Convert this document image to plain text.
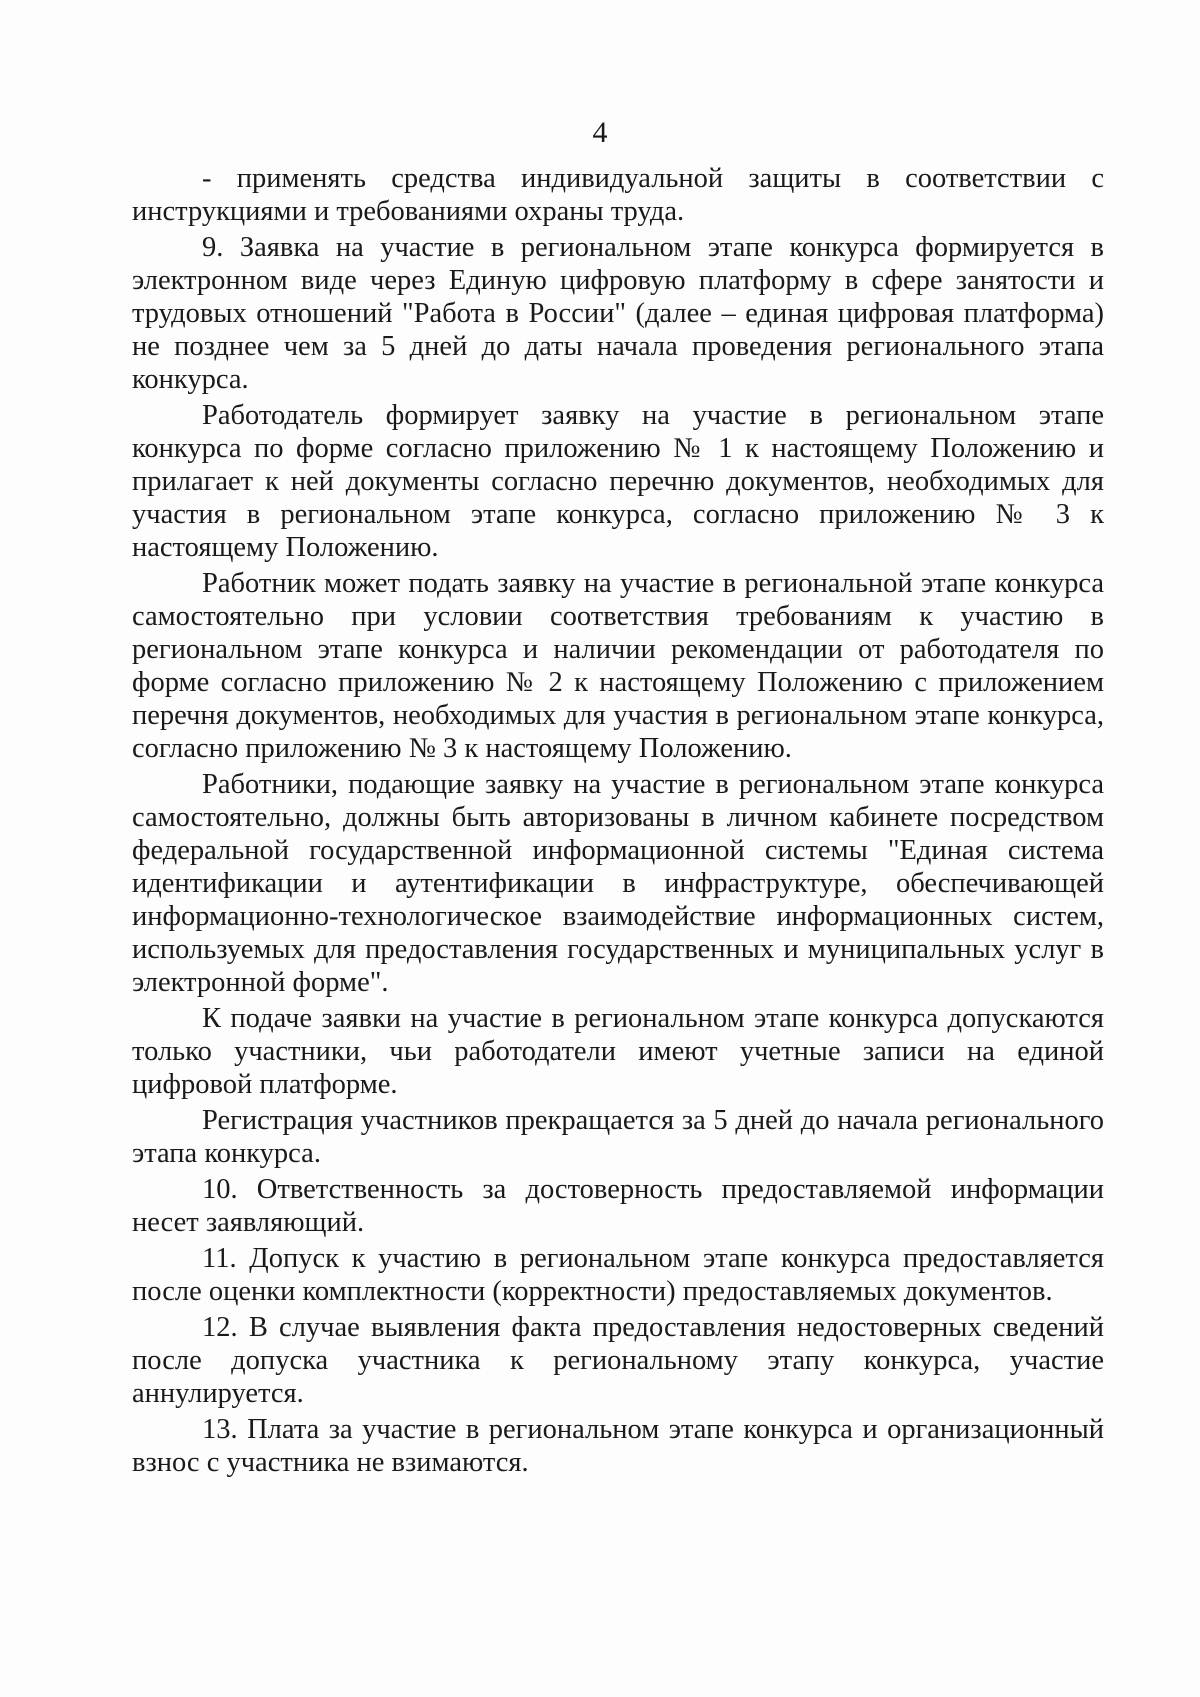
4

- применять средства индивидуальной защиты в соответствии с инструкциями и требованиями охраны труда.

9. Заявка на участие в региональном этапе конкурса формируется в электронном виде через Единую цифровую платформу в сфере занятости и трудовых отношений "Работа в России" (далее – единая цифровая платформа) не позднее чем за 5 дней до даты начала проведения регионального этапа конкурса.

Работодатель формирует заявку на участие в региональном этапе конкурса по форме согласно приложению № 1 к настоящему Положению и прилагает к ней документы согласно перечню документов, необходимых для участия в региональном этапе конкурса, согласно приложению № 3 к настоящему Положению.

Работник может подать заявку на участие в региональной этапе конкурса самостоятельно при условии соответствия требованиям к участию в региональном этапе конкурса и наличии рекомендации от работодателя по форме согласно приложению № 2 к настоящему Положению с приложением перечня документов, необходимых для участия в региональном этапе конкурса, согласно приложению № 3 к настоящему Положению.

Работники, подающие заявку на участие в региональном этапе конкурса самостоятельно, должны быть авторизованы в личном кабинете посредством федеральной государственной информационной системы "Единая система идентификации и аутентификации в инфраструктуре, обеспечивающей информационно-технологическое взаимодействие информационных систем, используемых для предоставления государственных и муниципальных услуг в электронной форме".

К подаче заявки на участие в региональном этапе конкурса допускаются только участники, чьи работодатели имеют учетные записи на единой цифровой платформе.

Регистрация участников прекращается за 5 дней до начала регионального этапа конкурса.

10. Ответственность за достоверность предоставляемой информации несет заявляющий.

11. Допуск к участию в региональном этапе конкурса предоставляется после оценки комплектности (корректности) предоставляемых документов.

12. В случае выявления факта предоставления недостоверных сведений после допуска участника к региональному этапу конкурса, участие аннулируется.

13. Плата за участие в региональном этапе конкурса и организационный взнос с участника не взимаются.
